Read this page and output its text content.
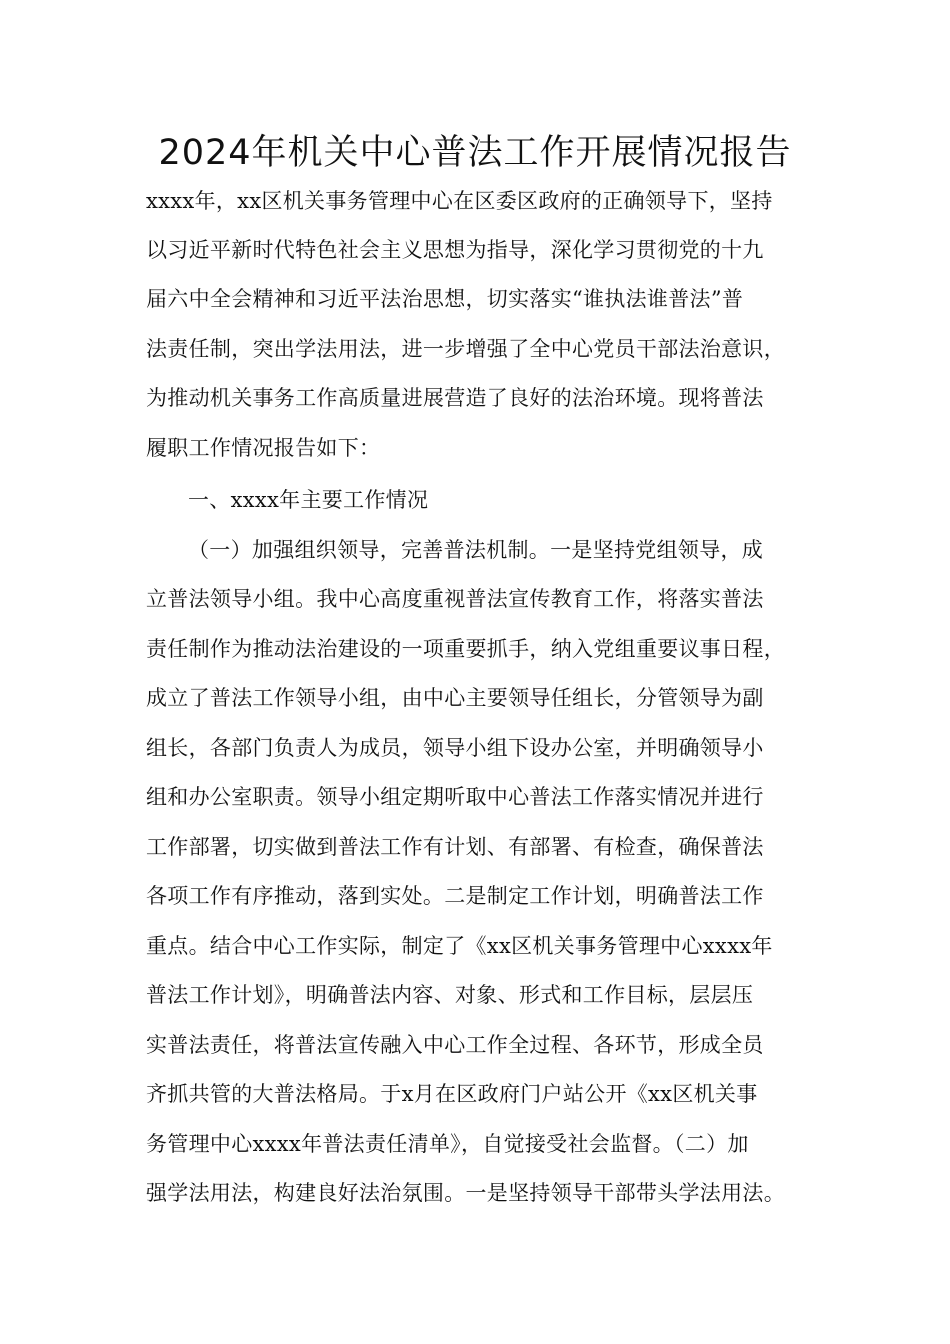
2024年机关中心普法工作开展情况报告
xxxx年，xx区机关事务管理中心在区委区政府的正确领导下，坚持
以习近平新时代特色社会主义思想为指导，深化学习贯彻党的十九
届六中全会精神和习近平法治思想，切实落实“谁执法谁普法”普
法责任制，突出学法用法，进一步增强了全中心党员干部法治意识，
为推动机关事务工作高质量进展营造了良好的法治环境。现将普法
履职工作情况报告如下：
一、xxxx年主要工作情况
（一）加强组织领导，完善普法机制。一是坚持党组领导，成
立普法领导小组。我中心高度重视普法宣传教育工作，将落实普法
责任制作为推动法治建设的一项重要抓手，纳入党组重要议事日程，
成立了普法工作领导小组，由中心主要领导任组长，分管领导为副
组长，各部门负责人为成员，领导小组下设办公室，并明确领导小
组和办公室职责。领导小组定期听取中心普法工作落实情况并进行
工作部署，切实做到普法工作有计划、有部署、有检查，确保普法
各项工作有序推动，落到实处。二是制定工作计划，明确普法工作
重点。结合中心工作实际，制定了《xx区机关事务管理中心xxxx年
普法工作计划》，明确普法内容、对象、形式和工作目标，层层压
实普法责任，将普法宣传融入中心工作全过程、各环节，形成全员
齐抓共管的大普法格局。于x月在区政府门户站公开《xx区机关事
务管理中心xxxx年普法责任清单》，自觉接受社会监督。（二）加
强学法用法，构建良好法治氛围。一是坚持领导干部带头学法用法。
